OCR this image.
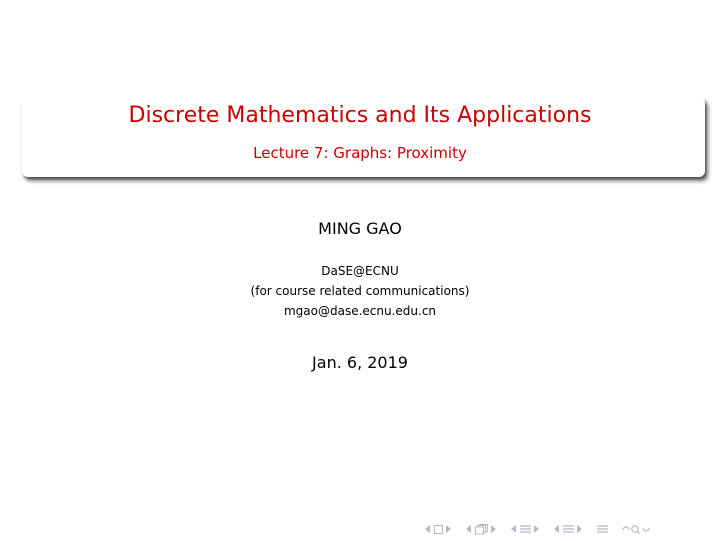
Discrete Mathematics and Its Applications
Lecture 7: Graphs: Proximity
MING GAO
DaSE@ECNU
(for course related communications)
mgao@dase.ecnu.edu.cn
Jan. 6, 2019
